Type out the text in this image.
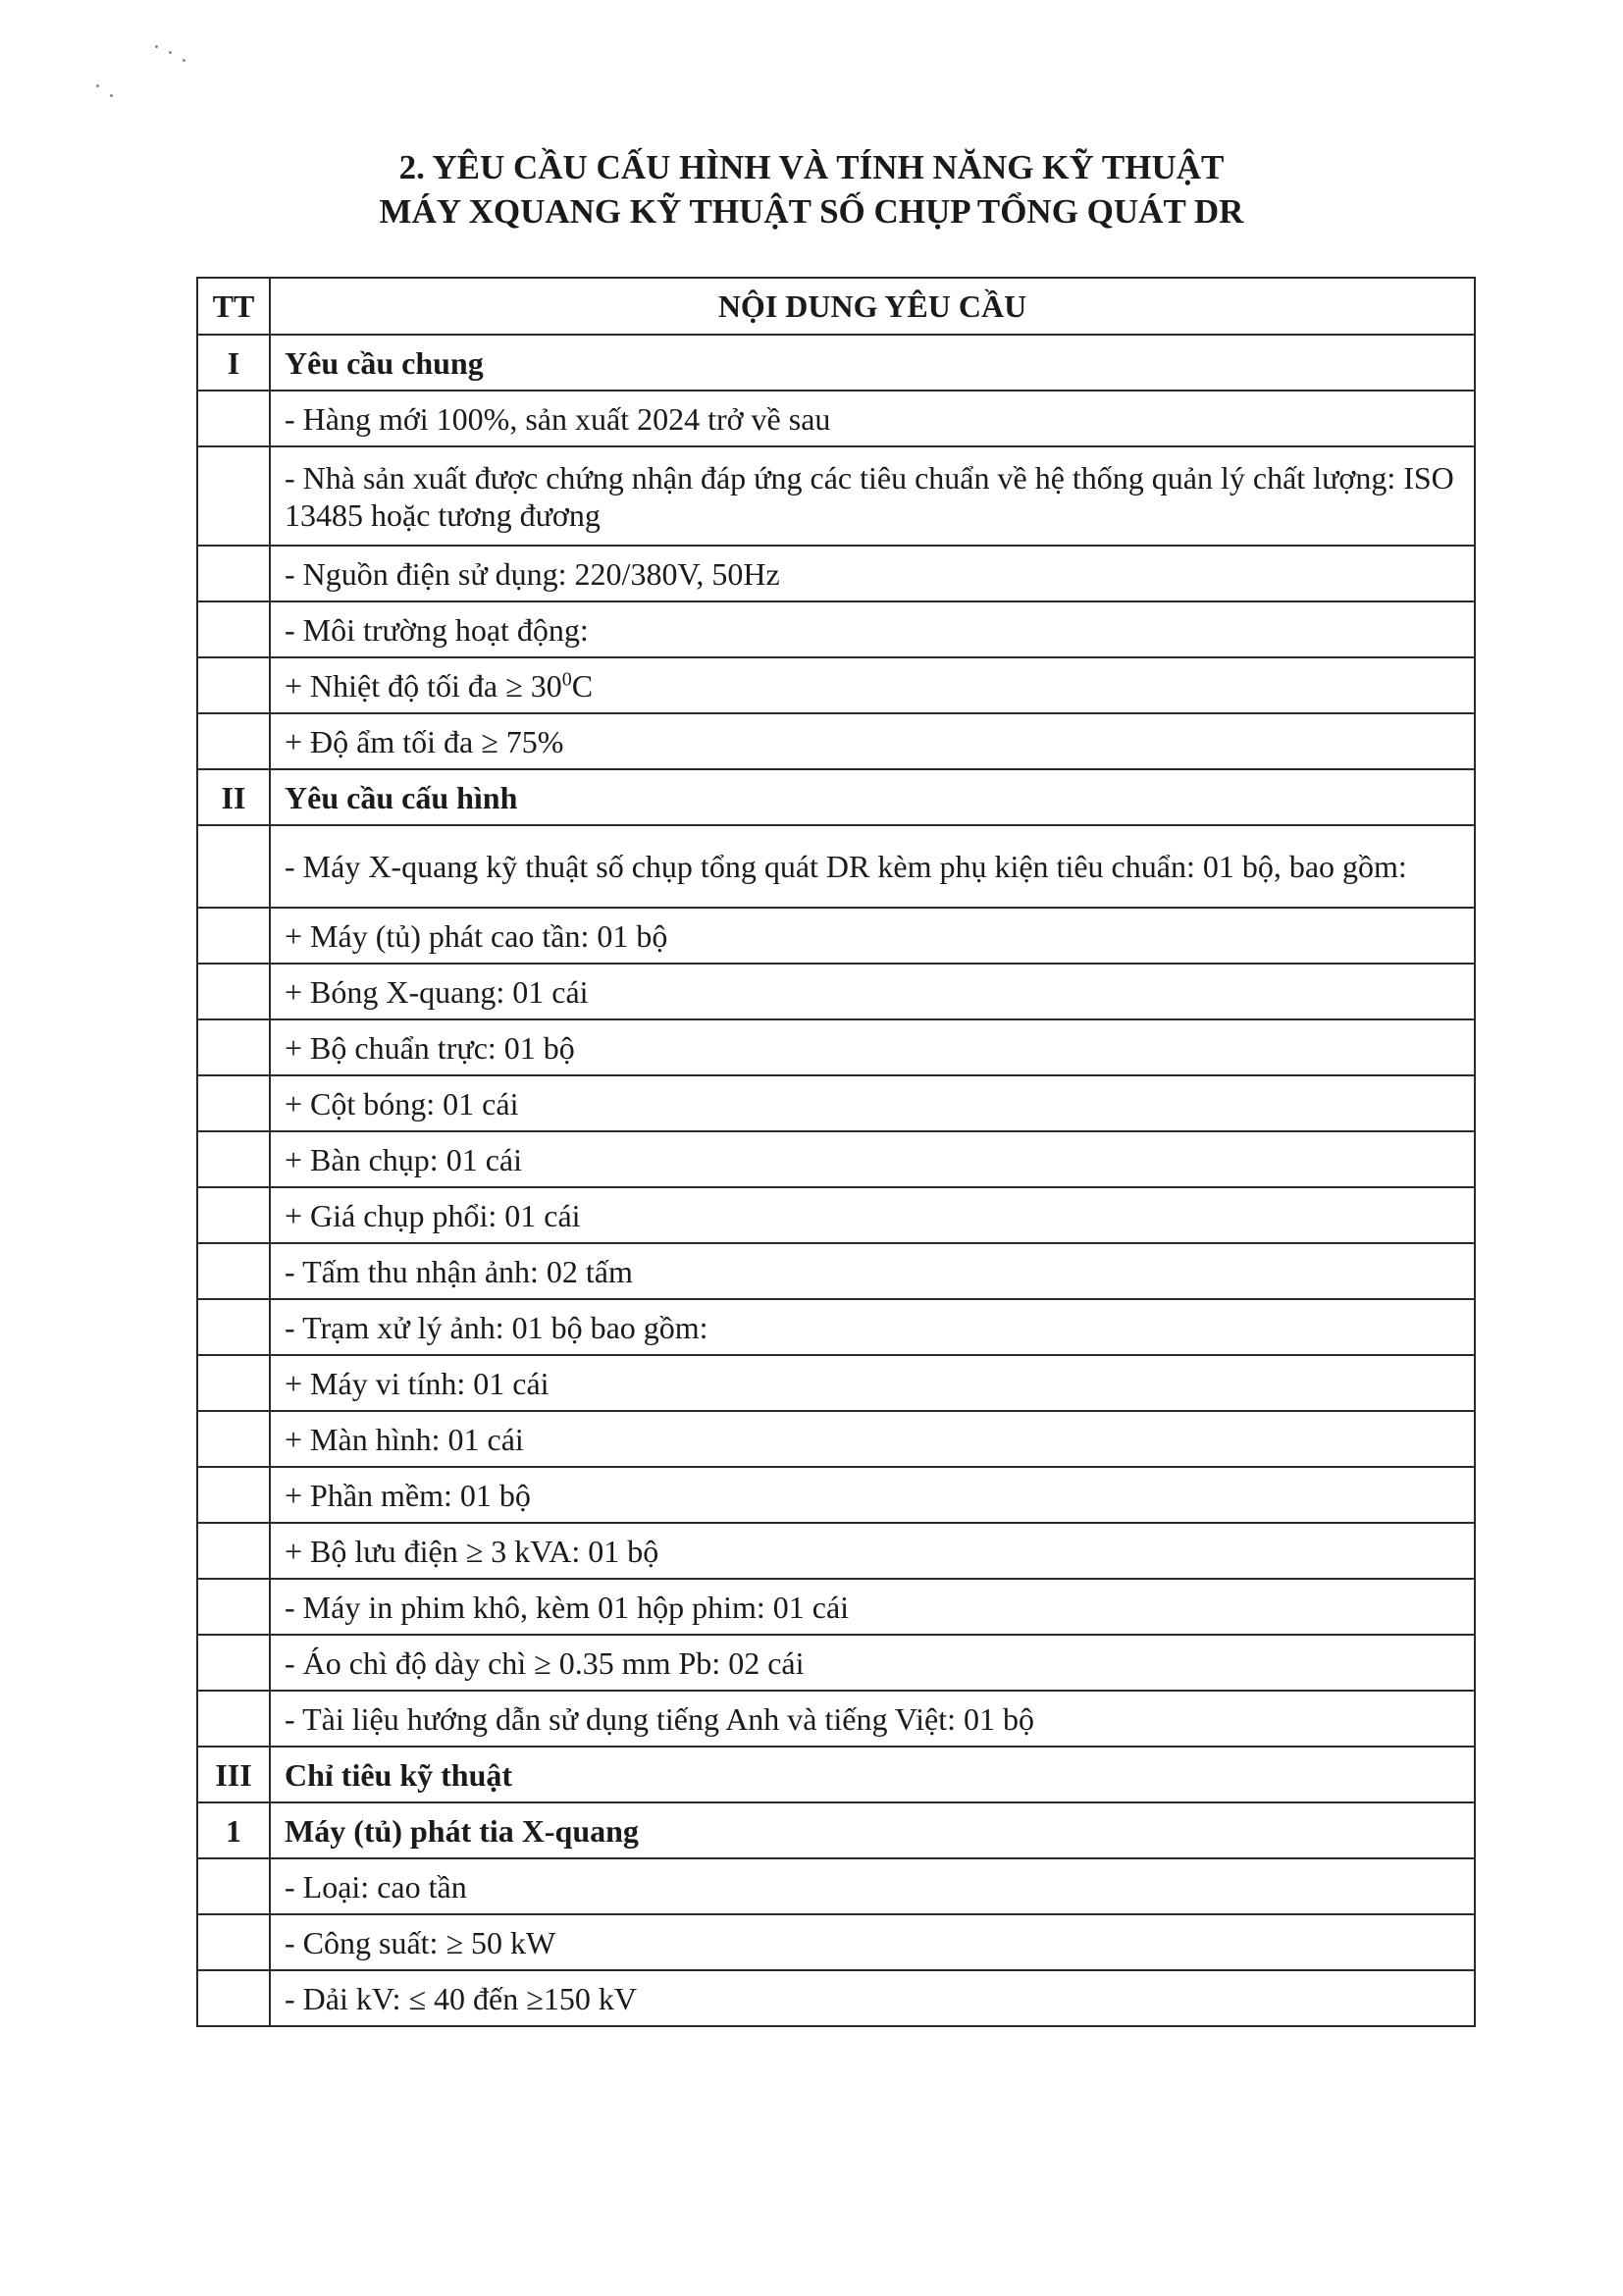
2. YÊU CẦU CẤU HÌNH VÀ TÍNH NĂNG KỸ THUẬT
MÁY XQUANG KỸ THUẬT SỐ CHỤP TỔNG QUÁT DR
TT	NỘI DUNG YÊU CẦU
I	Yêu cầu chung
	- Hàng mới 100%, sản xuất 2024 trở về sau
	- Nhà sản xuất được chứng nhận đáp ứng các tiêu chuẩn về hệ thống quản lý chất lượng: ISO 13485 hoặc tương đương
	- Nguồn điện sử dụng: 220/380V, 50Hz
	- Môi trường hoạt động:
	+ Nhiệt độ tối đa ≥ $30^0C$
	+ Độ ẩm tối đa ≥ 75%
II	Yêu cầu cấu hình
	- Máy X-quang kỹ thuật số chụp tổng quát DR kèm phụ kiện tiêu chuẩn: 01 bộ, bao gồm:
	+ Máy (tủ) phát cao tần: 01 bộ
	+ Bóng X-quang: 01 cái
	+ Bộ chuẩn trực: 01 bộ
	+ Cột bóng: 01 cái
	+ Bàn chụp: 01 cái
	+ Giá chụp phổi: 01 cái
	- Tấm thu nhận ảnh: 02 tấm
	- Trạm xử lý ảnh: 01 bộ bao gồm:
	+ Máy vi tính: 01 cái
	+ Màn hình: 01 cái
	+ Phần mềm: 01 bộ
	+ Bộ lưu điện ≥ 3 kVA: 01 bộ
	- Máy in phim khô, kèm 01 hộp phim: 01 cái
	- Áo chì độ dày chì ≥ 0.35 mm Pb: 02 cái
	- Tài liệu hướng dẫn sử dụng tiếng Anh và tiếng Việt: 01 bộ
III	Chỉ tiêu kỹ thuật
1	Máy (tủ) phát tia X-quang
	- Loại: cao tần
	- Công suất: ≥ 50 kW
	- Dải kV: ≤ 40 đến ≥150 kV
